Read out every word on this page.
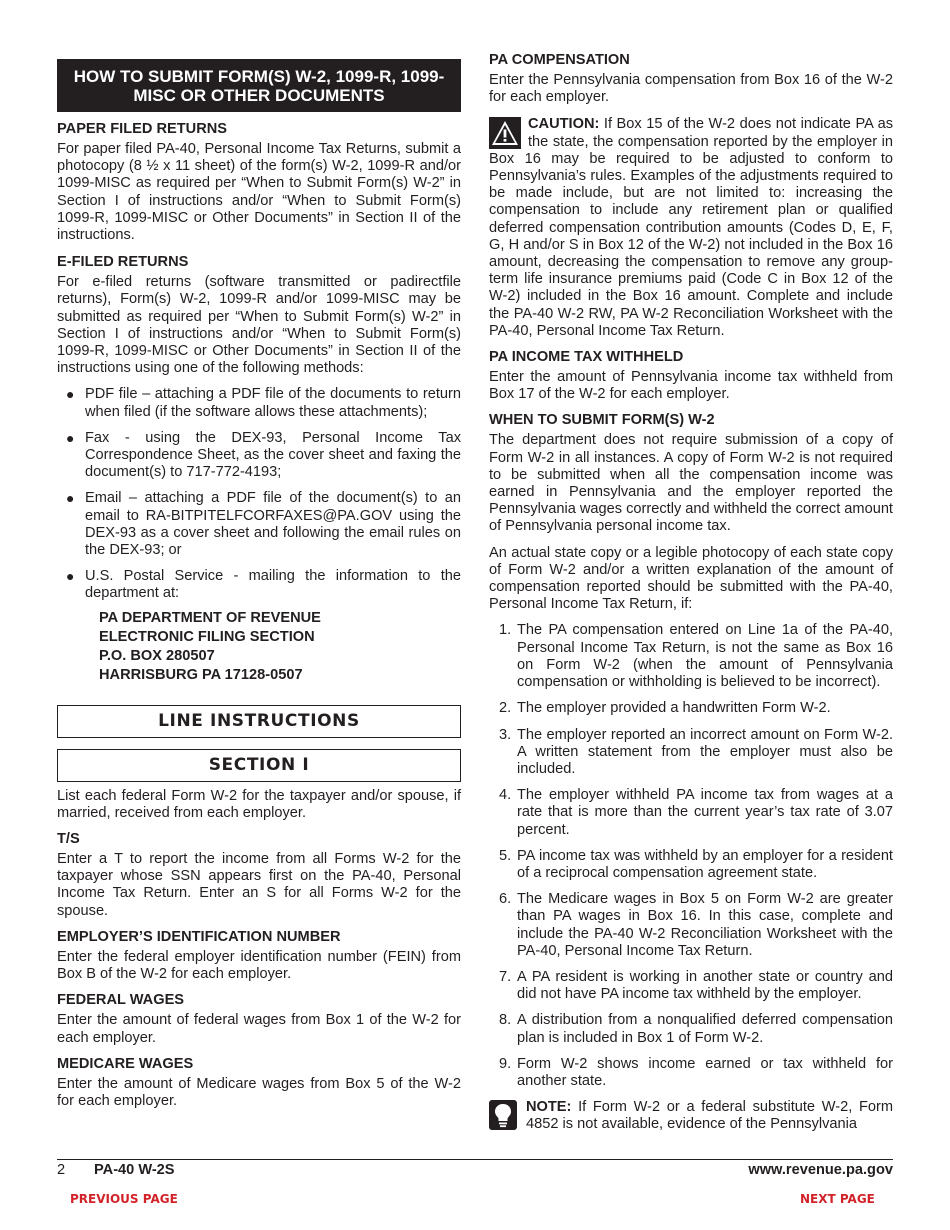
HOW TO SUBMIT FORM(S) W-2, 1099-R, 1099-MISC OR OTHER DOCUMENTS
PAPER FILED RETURNS

For paper filed PA-40, Personal Income Tax Returns, submit a photocopy (8 ½ x 11 sheet) of the form(s) W-2, 1099-R and/or 1099-MISC as required per “When to Submit Form(s) W-2” in Section I of instructions and/or “When to Submit Form(s) 1099-R, 1099-MISC or Other Documents” in Section II of the instructions.

E-FILED RETURNS

For e-filed returns (software transmitted or padirectfile returns), Form(s) W-2, 1099-R and/or 1099-MISC may be submitted as required per “When to Submit Form(s) W-2” in Section I of instructions and/or “When to Submit Form(s) 1099-R, 1099-MISC or Other Documents” in Section II of the instructions using one of the following methods:

● PDF file – attaching a PDF file of the documents to return when filed (if the software allows these attachments);
● Fax - using the DEX-93, Personal Income Tax Correspondence Sheet, as the cover sheet and faxing the document(s) to 717-772-4193;
● Email – attaching a PDF file of the document(s) to an email to RA-BITPITELFCORFAXES@PA.GOV using the DEX-93 as a cover sheet and following the email rules on the DEX-93; or
● U.S. Postal Service - mailing the information to the department at:
PA DEPARTMENT OF REVENUE
ELECTRONIC FILING SECTION
P.O. BOX 280507
HARRISBURG PA 17128-0507
LINE INSTRUCTIONS
SECTION I

List each federal Form W-2 for the taxpayer and/or spouse, if married, received from each employer.

T/S

Enter a T to report the income from all Forms W-2 for the taxpayer whose SSN appears first on the PA-40, Personal Income Tax Return. Enter an S for all Forms W-2 for the spouse.

EMPLOYER’S IDENTIFICATION NUMBER

Enter the federal employer identification number (FEIN) from Box B of the W-2 for each employer.

FEDERAL WAGES

Enter the amount of federal wages from Box 1 of the W-2 for each employer.

MEDICARE WAGES

Enter the amount of Medicare wages from Box 5 of the W-2 for each employer.

PA COMPENSATION

Enter the Pennsylvania compensation from Box 16 of the W-2 for each employer.

CAUTION: If Box 15 of the W-2 does not indicate PA as the state, the compensation reported by the employer in Box 16 may be required to be adjusted to conform to Pennsylvania’s rules. Examples of the adjustments required to be made include, but are not limited to: increasing the compensation to include any retirement plan or qualified deferred compensation contribution amounts (Codes D, E, F, G, H and/or S in Box 12 of the W-2) not included in the Box 16 amount, decreasing the compensation to remove any group-term life insurance premiums paid (Code C in Box 12 of the W-2) included in the Box 16 amount. Complete and include the PA-40 W-2 RW, PA W-2 Reconciliation Worksheet with the PA-40, Personal Income Tax Return.

PA INCOME TAX WITHHELD

Enter the amount of Pennsylvania income tax withheld from Box 17 of the W-2 for each employer.

WHEN TO SUBMIT FORM(S) W-2

The department does not require submission of a copy of Form W-2 in all instances. A copy of Form W-2 is not required to be submitted when all the compensation income was earned in Pennsylvania and the employer reported the Pennsylvania wages correctly and withheld the correct amount of Pennsylvania personal income tax.

An actual state copy or a legible photocopy of each state copy of Form W-2 and/or a written explanation of the amount of compensation reported should be submitted with the PA-40, Personal Income Tax Return, if:

1. The PA compensation entered on Line 1a of the PA-40, Personal Income Tax Return, is not the same as Box 16 on Form W-2 (when the amount of Pennsylvania compensation or withholding is believed to be incorrect).
2. The employer provided a handwritten Form W-2.
3. The employer reported an incorrect amount on Form W-2. A written statement from the employer must also be included.
4. The employer withheld PA income tax from wages at a rate that is more than the current year’s tax rate of 3.07 percent.
5. PA income tax was withheld by an employer for a resident of a reciprocal compensation agreement state.
6. The Medicare wages in Box 5 on Form W-2 are greater than PA wages in Box 16. In this case, complete and include the PA-40 W-2 Reconciliation Worksheet with the PA-40, Personal Income Tax Return.
7. A PA resident is working in another state or country and did not have PA income tax withheld by the employer.
8. A distribution from a nonqualified deferred compensation plan is included in Box 1 of Form W-2.
9. Form W-2 shows income earned or tax withheld for another state.

NOTE: If Form W-2 or a federal substitute W-2, Form 4852 is not available, evidence of the Pennsylvania

2 PA-40 W-2S	www.revenue.pa.gov
PREVIOUS PAGE	NEXT PAGE
